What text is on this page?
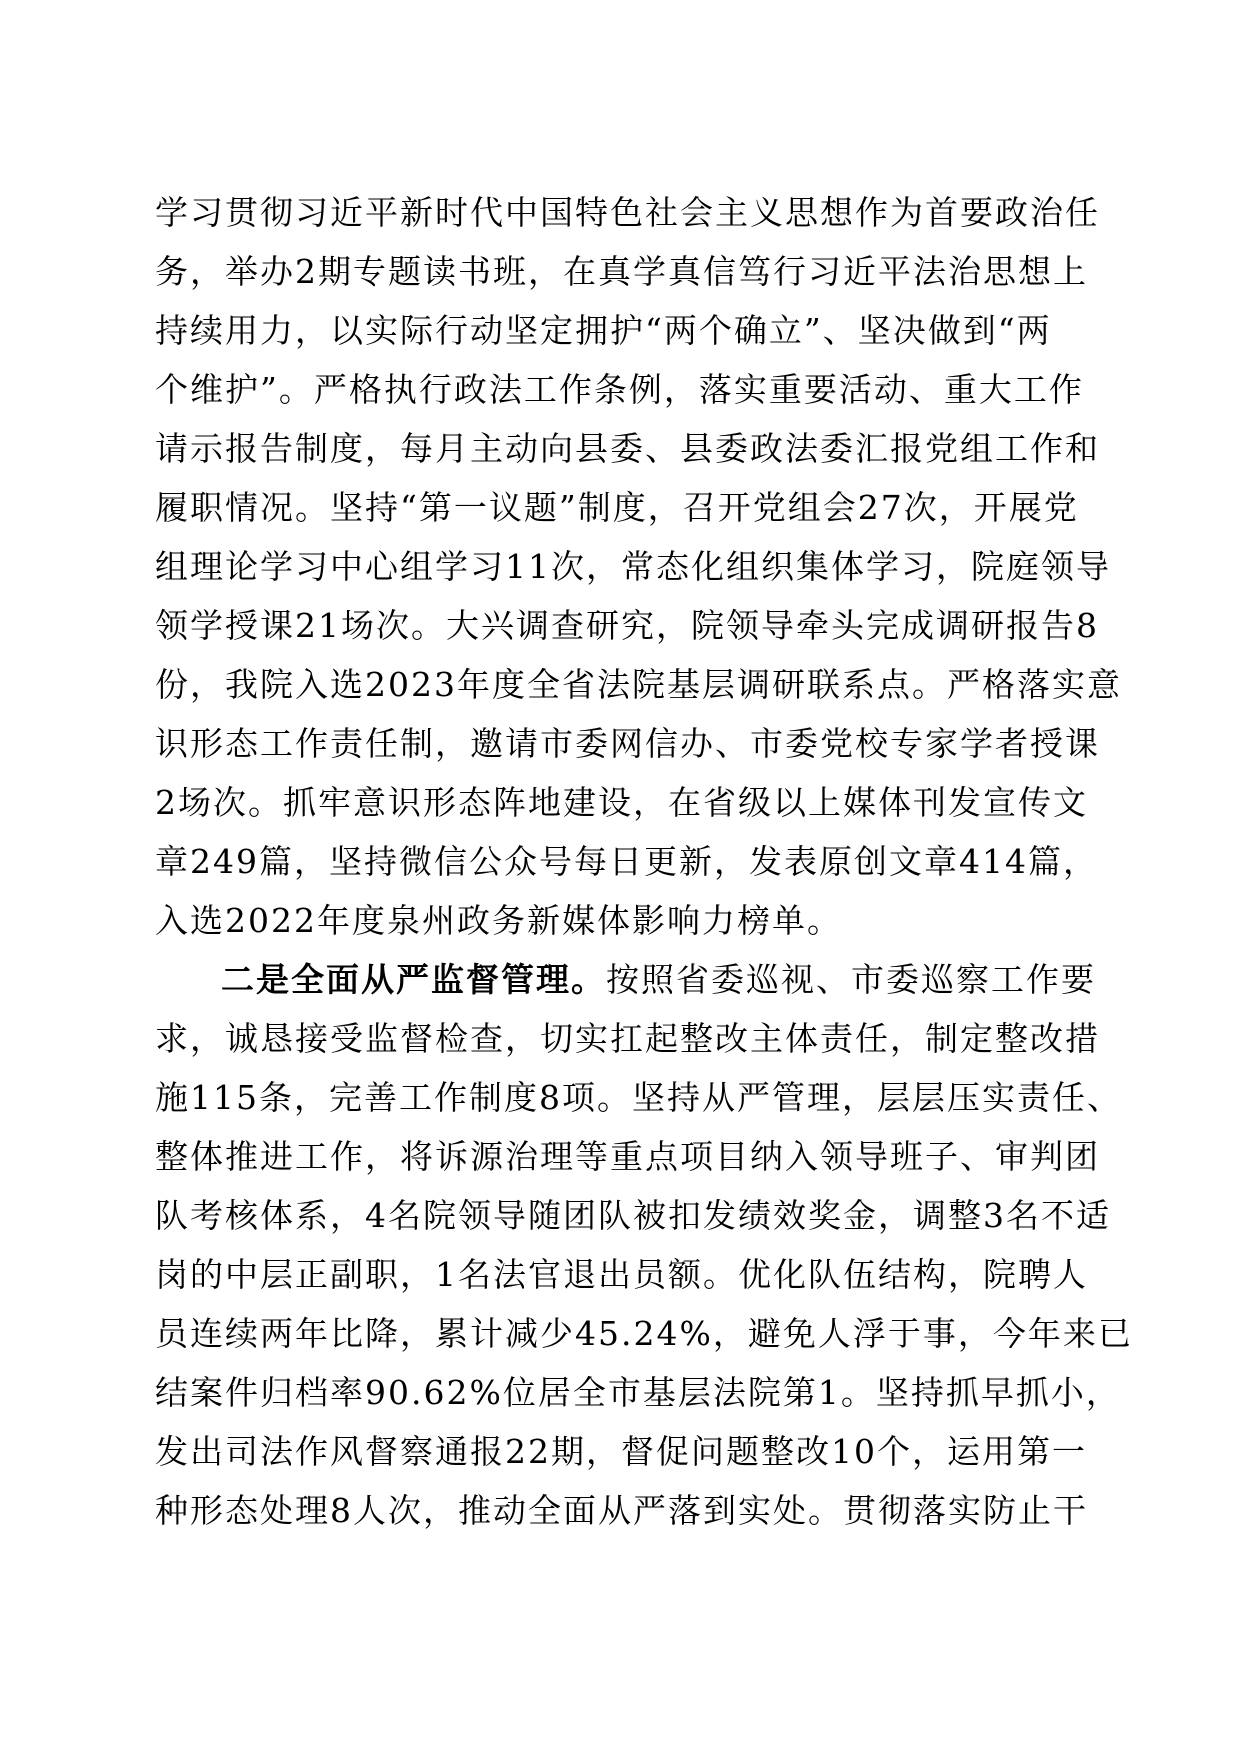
学习贯彻习近平新时代中国特色社会主义思想作为首要政治任
务，举办2期专题读书班，在真学真信笃行习近平法治思想上
持续用力，以实际行动坚定拥护“两个确立”、坚决做到“两
个维护”。严格执行政法工作条例，落实重要活动、重大工作
请示报告制度，每月主动向县委、县委政法委汇报党组工作和
履职情况。坚持“第一议题”制度，召开党组会27次，开展党
组理论学习中心组学习11次，常态化组织集体学习，院庭领导
领学授课21场次。大兴调查研究，院领导牵头完成调研报告8
份，我院入选2023年度全省法院基层调研联系点。严格落实意
识形态工作责任制，邀请市委网信办、市委党校专家学者授课
2场次。抓牢意识形态阵地建设，在省级以上媒体刊发宣传文
章249篇，坚持微信公众号每日更新，发表原创文章414篇，
入选2022年度泉州政务新媒体影响力榜单。
二是全面从严监督管理。按照省委巡视、市委巡察工作要
求，诚恳接受监督检查，切实扛起整改主体责任，制定整改措
施115条，完善工作制度8项。坚持从严管理，层层压实责任、
整体推进工作，将诉源治理等重点项目纳入领导班子、审判团
队考核体系，4名院领导随团队被扣发绩效奖金，调整3名不适
岗的中层正副职，1名法官退出员额。优化队伍结构，院聘人
员连续两年比降，累计减少45.24%，避免人浮于事，今年来已
结案件归档率90.62%位居全市基层法院第1。坚持抓早抓小，
发出司法作风督察通报22期，督促问题整改10个，运用第一
种形态处理8人次，推动全面从严落到实处。贯彻落实防止干
